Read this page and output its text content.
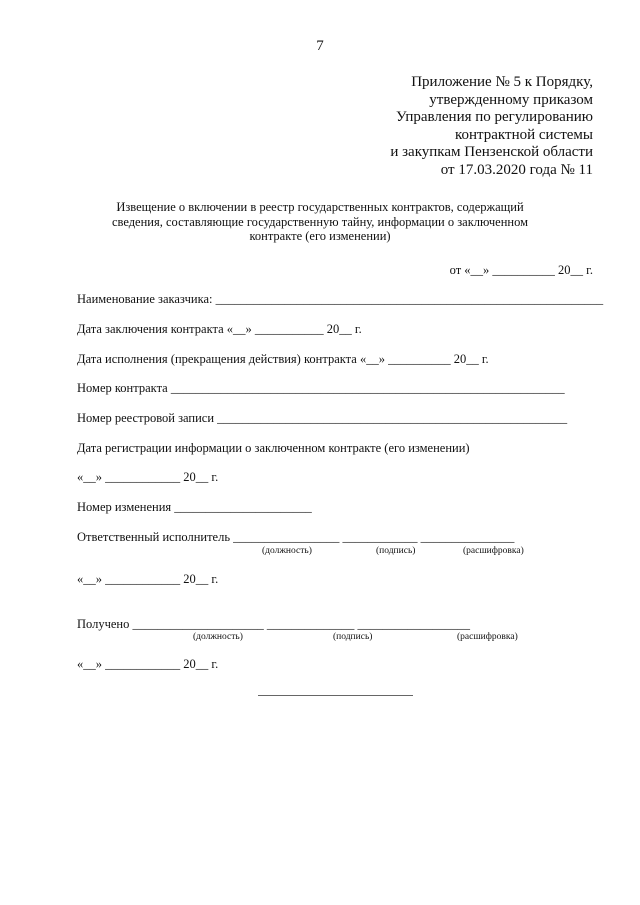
7
Приложение № 5 к Порядку,
утвержденному приказом
Управления по регулированию
контрактной системы
и закупкам Пензенской области
от 17.03.2020 года № 11
Извещение о включении в реестр государственных контрактов, содержащий
сведения, составляющие государственную тайну, информации о заключенном
контракте (его изменении)
от «__» __________ 20__ г.
Наименование заказчика: ______________________________________________________________
Дата заключения контракта «__» ___________ 20__ г.
Дата исполнения (прекращения действия) контракта «__» __________ 20__ г.
Номер контракта _______________________________________________________________
Номер реестровой записи ________________________________________________________
Дата регистрации информации о заключенном контракте (его изменении)
«__» ____________ 20__ г.
Номер изменения ______________________
Ответственный исполнитель _________________ ____________ _______________
(должность)	(подпись)	(расшифровка)
«__» ____________ 20__ г.
Получено _____________________ ______________ __________________
(должность)	(подпись)	(расшифровка)
«__» ____________ 20__ г.
